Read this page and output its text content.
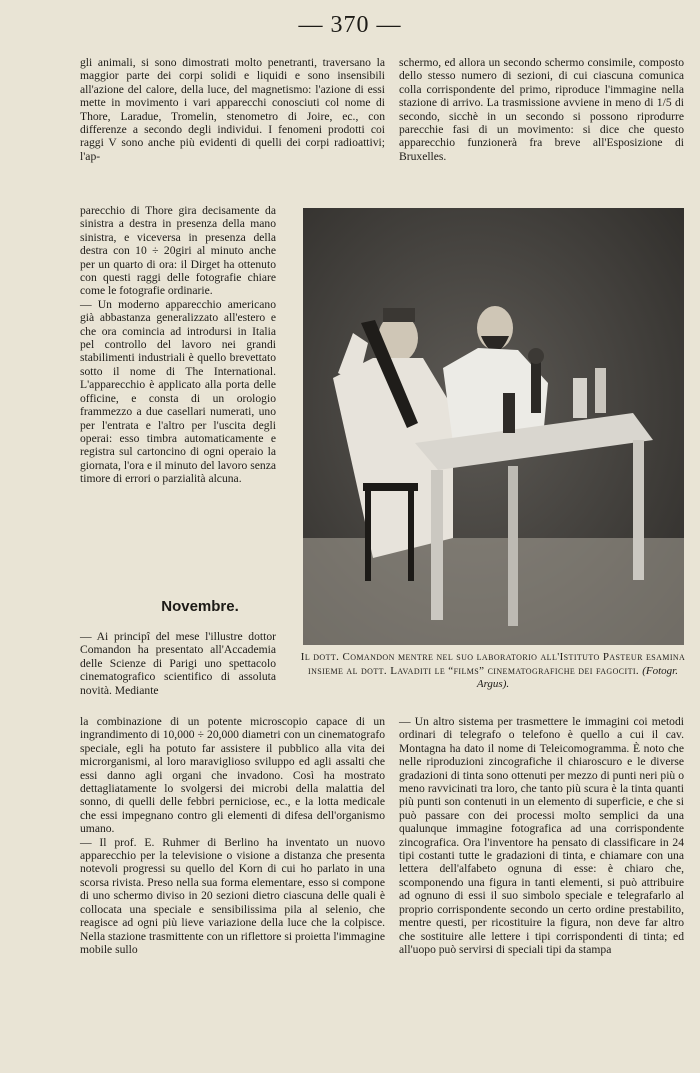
— 370 —

gli animali, si sono dimostrati molto penetranti, traversano la maggior parte dei corpi solidi e liquidi e sono insensibili all'azione del calore, della luce, del magnetismo: l'azione di essi mette in movimento i vari apparecchi conosciuti col nome di Thore, Laradue, Tromelin, stenometro di Joire, ec., con differenze a secondo degli individui. I fenomeni prodotti coi raggi V sono anche più evidenti di quelli dei corpi radioattivi; l'ap-

parecchio di Thore gira decisamente da sinistra a destra in presenza della mano sinistra, e viceversa in presenza della destra con 10 ÷ 20giri al minuto anche per un quarto di ora: il Dirget ha ottenuto con questi raggi delle fotografie chiare come le fotografie ordinarie.
— Un moderno apparecchio americano già abbastanza generalizzato all'estero e che ora comincia ad introdursi in Italia pel controllo del lavoro nei grandi stabilimenti industriali è quello brevettato sotto il nome di The International. L'apparecchio è applicato alla porta delle officine, e consta di un orologio frammezzo a due casellari numerati, uno per l'entrata e l'altro per l'uscita degli operai: esso timbra automaticamente e registra sul cartoncino di ogni operaio la giornata, l'ora e il minuto del lavoro senza timore di errori o parzialità alcuna.

Novembre.

— Ai principî del mese l'illustre dottor Comandon ha presentato all'Accademia delle Scienze di Parigi uno spettacolo cinematografico scientifico di assoluta novità. Mediante

la combinazione di un potente microscopio capace di un ingrandimento di 10,000 ÷ 20,000 diametri con un cinematografo speciale, egli ha potuto far assistere il pubblico alla vita dei microrganismi, al loro maraviglioso sviluppo ed agli assalti che essi danno agli organi che invadono. Così ha mostrato dettagliatamente lo svolgersi dei microbi della malattia del sonno, di quelli delle febbri perniciose, ec., e la lotta medicale che essi impegnano contro gli elementi di difesa dell'organismo umano.
— Il prof. E. Ruhmer di Berlino ha inventato un nuovo apparecchio per la televisione o visione a distanza che presenta notevoli progressi su quello del Korn di cui ho parlato in una scorsa rivista. Preso nella sua forma elementare, esso si compone di uno schermo diviso in 20 sezioni dietro ciascuna delle quali è collocata una speciale e sensibilissima pila al selenio, che reagisce ad ogni più lieve variazione della luce che la colpisce. Nella stazione trasmittente con un riflettore si proietta l'immagine mobile sullo

schermo, ed allora un secondo schermo consimile, composto dello stesso numero di sezioni, di cui ciascuna comunica colla corrispondente del primo, riproduce l'immagine nella stazione di arrivo. La trasmissione avviene in meno di 1/5 di secondo, sicchè in un secondo si possono riprodurre parecchie fasi di un movimento: si dice che questo apparecchio funzionerà fra breve all'Esposizione di Bruxelles.

Il dott. Comandon mentre nel suo laboratorio all'Istituto Pasteur esamina insieme al dott. Lavaditi le “films” cinematografiche dei fagociti. (Fotogr. Argus).

— Un altro sistema per trasmettere le immagini coi metodi ordinari di telegrafo o telefono è quello a cui il cav. Montagna ha dato il nome di Teleicomogramma. È noto che nelle riproduzioni zincografiche il chiaroscuro e le diverse gradazioni di tinta sono ottenuti per mezzo di punti neri più o meno ravvicinati tra loro, che tanto più scura è la tinta quanti più punti son contenuti in un elemento di superficie, e che si può passare con dei processi molto semplici da una qualunque immagine fotografica ad una corrispondente zincografica. Ora l'inventore ha pensato di classificare in 24 tipi costanti tutte le gradazioni di tinta, e chiamare con una lettera dell'alfabeto ognuna di esse: è chiaro che, scomponendo una figura in tanti elementi, si può attribuire ad ognuno di essi il suo simbolo speciale e telegrafarlo al proprio corrispondente secondo un certo ordine prestabilito, mentre questi, per ricostituire la figura, non deve far altro che sostituire alle lettere i tipi corrispondenti di tinta; ed all'uopo può servirsi di speciali tipi da stampa
